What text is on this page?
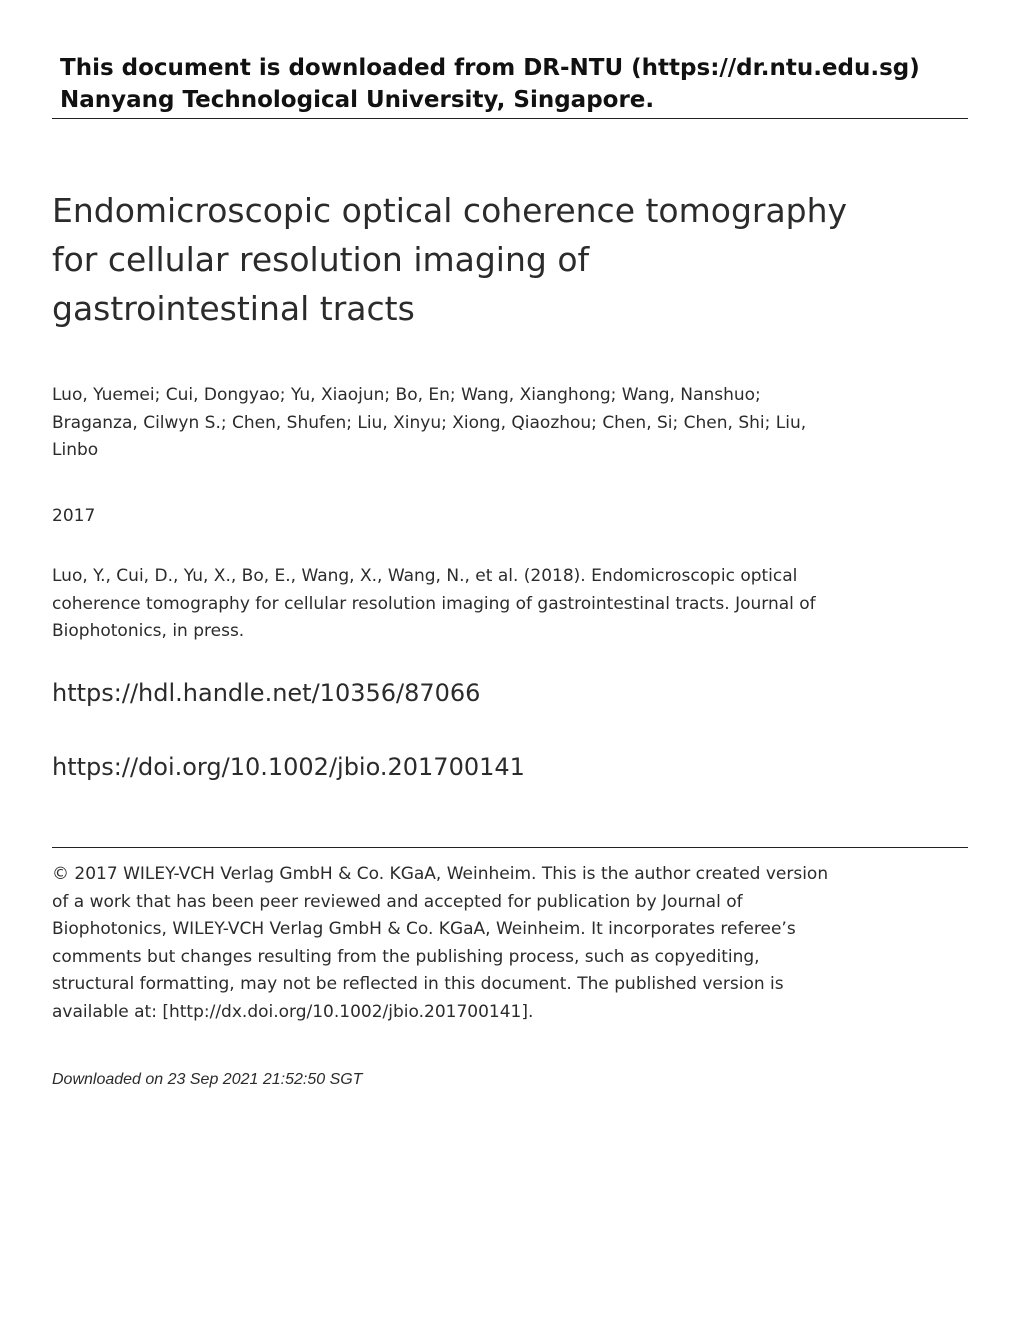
This document is downloaded from DR-NTU (https://dr.ntu.edu.sg)
Nanyang Technological University, Singapore.
Endomicroscopic optical coherence tomography for cellular resolution imaging of gastrointestinal tracts
Luo, Yuemei; Cui, Dongyao; Yu, Xiaojun; Bo, En; Wang, Xianghong; Wang, Nanshuo; Braganza, Cilwyn S.; Chen, Shufen; Liu, Xinyu; Xiong, Qiaozhou; Chen, Si; Chen, Shi; Liu, Linbo
2017
Luo, Y., Cui, D., Yu, X., Bo, E., Wang, X., Wang, N., et al. (2018). Endomicroscopic optical coherence tomography for cellular resolution imaging of gastrointestinal tracts. Journal of Biophotonics, in press.
https://hdl.handle.net/10356/87066
https://doi.org/10.1002/jbio.201700141
© 2017 WILEY-VCH Verlag GmbH & Co. KGaA, Weinheim. This is the author created version of a work that has been peer reviewed and accepted for publication by Journal of Biophotonics, WILEY-VCH Verlag GmbH & Co. KGaA, Weinheim. It incorporates referee’s comments but changes resulting from the publishing process, such as copyediting, structural formatting, may not be reflected in this document. The published version is available at: [http://dx.doi.org/10.1002/jbio.201700141].
Downloaded on 23 Sep 2021 21:52:50 SGT
